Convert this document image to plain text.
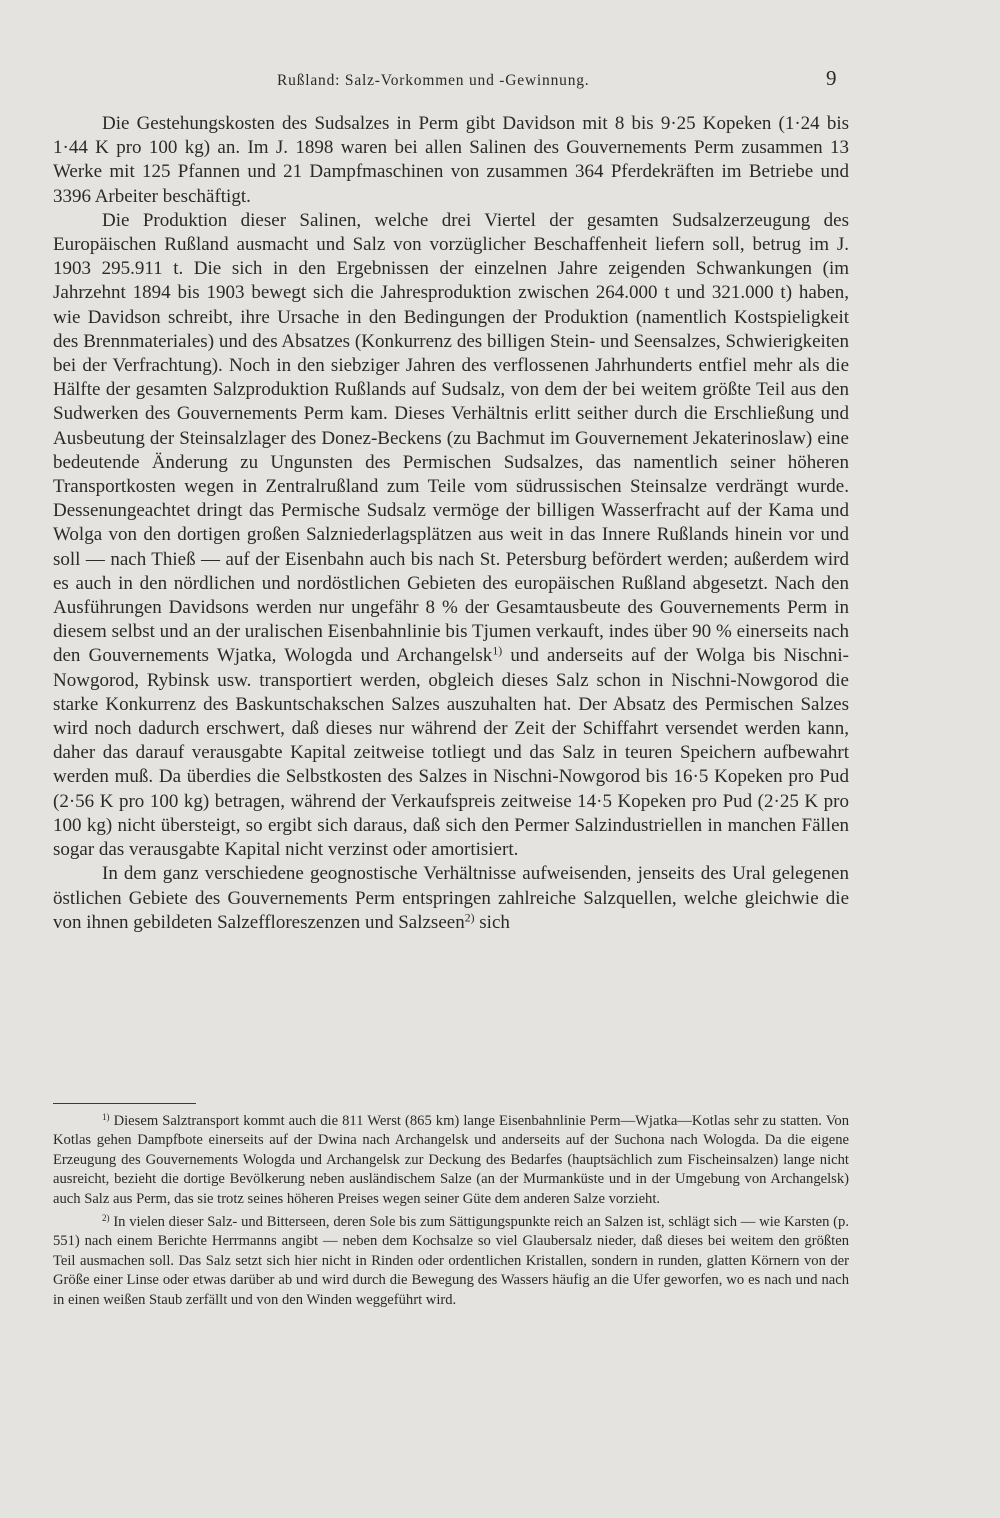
Rußland: Salz-Vorkommen und -Gewinnung.	9

Die Gestehungskosten des Sudsalzes in Perm gibt Davidson mit 8 bis 9·25 Kopeken (1·24 bis 1·44 K pro 100 kg) an. Im J. 1898 waren bei allen Salinen des Gouvernements Perm zusammen 13 Werke mit 125 Pfannen und 21 Dampfmaschinen von zusammen 364 Pferdekräften im Betriebe und 3396 Arbeiter beschäftigt.

Die Produktion dieser Salinen, welche drei Viertel der gesamten Sudsalzerzeugung des Europäischen Rußland ausmacht und Salz von vorzüglicher Beschaffenheit liefern soll, betrug im J. 1903 295.911 t. Die sich in den Ergebnissen der einzelnen Jahre zeigenden Schwankungen (im Jahrzehnt 1894 bis 1903 bewegt sich die Jahresproduktion zwischen 264.000 t und 321.000 t) haben, wie Davidson schreibt, ihre Ursache in den Bedingungen der Produktion (namentlich Kostspieligkeit des Brennmateriales) und des Absatzes (Konkurrenz des billigen Stein- und Seensalzes, Schwierigkeiten bei der Verfrachtung). Noch in den siebziger Jahren des verflossenen Jahrhunderts entfiel mehr als die Hälfte der gesamten Salzproduktion Rußlands auf Sudsalz, von dem der bei weitem größte Teil aus den Sudwerken des Gouvernements Perm kam. Dieses Verhältnis erlitt seither durch die Erschließung und Ausbeutung der Steinsalzlager des Donez-Beckens (zu Bachmut im Gouvernement Jekaterinoslaw) eine bedeutende Änderung zu Ungunsten des Permischen Sudsalzes, das namentlich seiner höheren Transportkosten wegen in Zentralrußland zum Teile vom südrussischen Steinsalze verdrängt wurde. Dessenungeachtet dringt das Permische Sudsalz vermöge der billigen Wasserfracht auf der Kama und Wolga von den dortigen großen Salzniederlagsplätzen aus weit in das Innere Rußlands hinein vor und soll — nach Thieß — auf der Eisenbahn auch bis nach St. Petersburg befördert werden; außerdem wird es auch in den nördlichen und nordöstlichen Gebieten des europäischen Rußland abgesetzt. Nach den Ausführungen Davidsons werden nur ungefähr 8 % der Gesamtausbeute des Gouvernements Perm in diesem selbst und an der uralischen Eisenbahnlinie bis Tjumen verkauft, indes über 90 % einerseits nach den Gouvernements Wjatka, Wologda und Archangelsk$^{1)}$ und anderseits auf der Wolga bis Nischni-Nowgorod, Rybinsk usw. transportiert werden, obgleich dieses Salz schon in Nischni-Nowgorod die starke Konkurrenz des Baskuntschakschen Salzes auszuhalten hat. Der Absatz des Permischen Salzes wird noch dadurch erschwert, daß dieses nur während der Zeit der Schiffahrt versendet werden kann, daher das darauf verausgabte Kapital zeitweise totliegt und das Salz in teuren Speichern aufbewahrt werden muß. Da überdies die Selbstkosten des Salzes in Nischni-Nowgorod bis 16·5 Kopeken pro Pud (2·56 K pro 100 kg) betragen, während der Verkaufspreis zeitweise 14·5 Kopeken pro Pud (2·25 K pro 100 kg) nicht übersteigt, so ergibt sich daraus, daß sich den Permer Salzindustriellen in manchen Fällen sogar das verausgabte Kapital nicht verzinst oder amortisiert.

In dem ganz verschiedene geognostische Verhältnisse aufweisenden, jenseits des Ural gelegenen östlichen Gebiete des Gouvernements Perm entspringen zahlreiche Salzquellen, welche gleichwie die von ihnen gebildeten Salzeffloreszenzen und Salzseen$^{2)}$ sich

$^{1)}$ Diesem Salztransport kommt auch die 811 Werst (865 km) lange Eisenbahnlinie Perm—Wjatka—Kotlas sehr zu statten. Von Kotlas gehen Dampfbote einerseits auf der Dwina nach Archangelsk und anderseits auf der Suchona nach Wologda. Da die eigene Erzeugung des Gouvernements Wologda und Archangelsk zur Deckung des Bedarfes (hauptsächlich zum Fischeinsalzen) lange nicht ausreicht, bezieht die dortige Bevölkerung neben ausländischem Salze (an der Murmanküste und in der Umgebung von Archangelsk) auch Salz aus Perm, das sie trotz seines höheren Preises wegen seiner Güte dem anderen Salze vorzieht.

$^{2)}$ In vielen dieser Salz- und Bitterseen, deren Sole bis zum Sättigungspunkte reich an Salzen ist, schlägt sich — wie Karsten (p. 551) nach einem Berichte Herrmanns angibt — neben dem Kochsalze so viel Glaubersalz nieder, daß dieses bei weitem den größten Teil ausmachen soll. Das Salz setzt sich hier nicht in Rinden oder ordentlichen Kristallen, sondern in runden, glatten Körnern von der Größe einer Linse oder etwas darüber ab und wird durch die Bewegung des Wassers häufig an die Ufer geworfen, wo es nach und nach in einen weißen Staub zerfällt und von den Winden weggeführt wird.
